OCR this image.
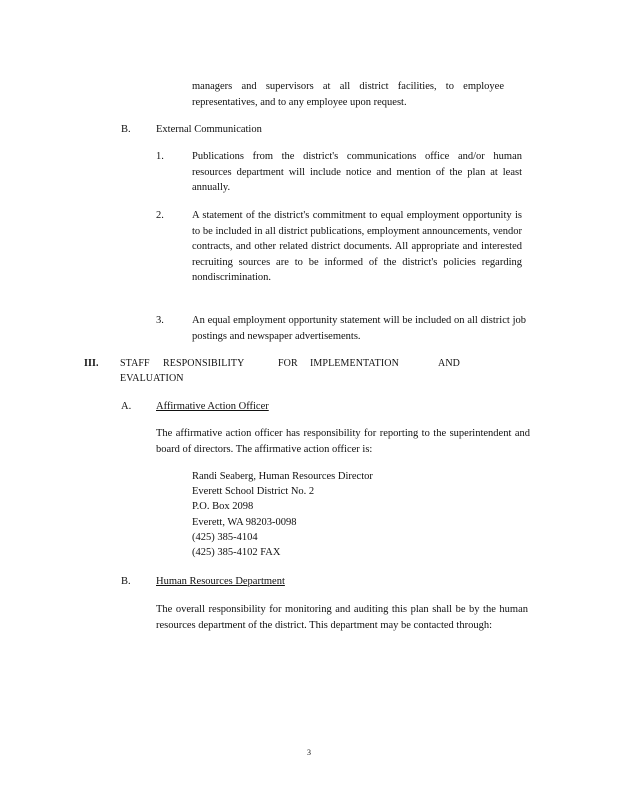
managers and supervisors at all district facilities, to employee representatives, and to any employee upon request.
B. External Communication
1.	Publications from the district's communications office and/or human resources department will include notice and mention of the plan at least annually.
2.	A statement of the district's commitment to equal employment opportunity is to be included in all district publications, employment announcements, vendor contracts, and other related district documents. All appropriate and interested recruiting sources are to be informed of the district's policies regarding nondiscrimination.
3.	An equal employment opportunity statement will be included on all district job postings and newspaper advertisements.
III. STAFF RESPONSIBILITY	FOR IMPLEMENTATION	AND
EVALUATION
A. Affirmative Action Officer
The affirmative action officer has responsibility for reporting to the superintendent and board of directors. The affirmative action officer is:
Randi Seaberg, Human Resources Director
Everett School District No. 2
P.O. Box 2098
Everett, WA 98203-0098
(425) 385-4104
(425) 385-4102 FAX
B. Human Resources Department
The overall responsibility for monitoring and auditing this plan shall be by the human resources department of the district. This department may be contacted through:
3
